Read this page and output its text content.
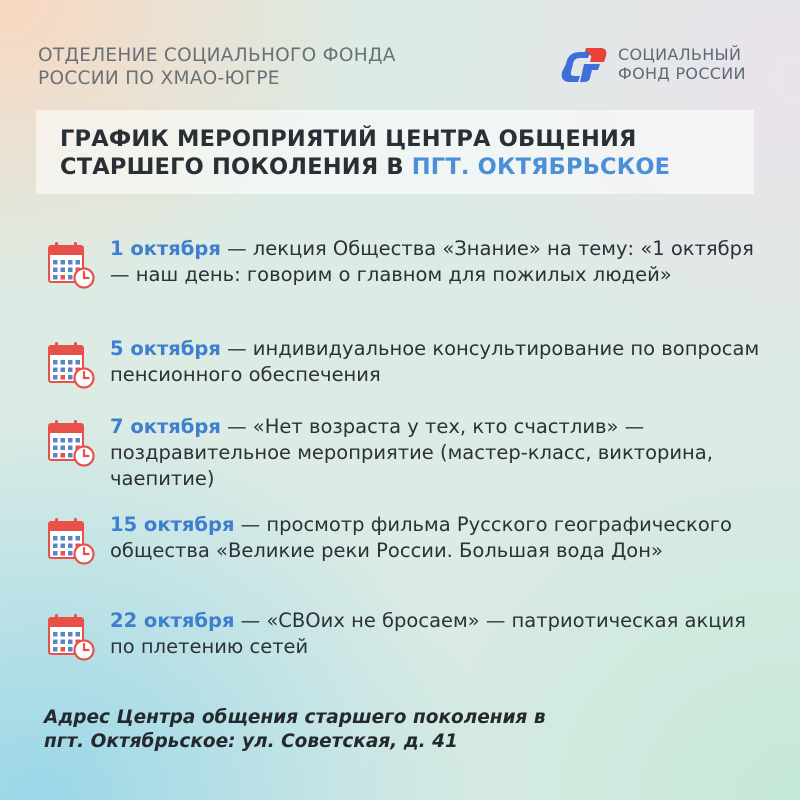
ОТДЕЛЕНИЕ СОЦИАЛЬНОГО ФОНДА
РОССИИ ПО ХМАО-ЮГРЕ
СОЦИАЛЬНЫЙ
ФОНД РОССИИ
ГРАФИК МЕРОПРИЯТИЙ ЦЕНТРА ОБЩЕНИЯ
СТАРШЕГО ПОКОЛЕНИЯ В ПГТ. ОКТЯБРЬСКОЕ
1 октября — лекция Общества «Знание» на тему: «1 октября — наш день: говорим о главном для пожилых людей»
5 октября — индивидуальное консультирование по вопросам пенсионного обеспечения
7 октября — «Нет возраста у тех, кто счастлив» — поздравительное мероприятие (мастер-класс, викторина, чаепитие)
15 октября — просмотр фильма Русского географического общества «Великие реки России. Большая вода Дон»
22 октября — «СВОих не бросаем» — патриотическая акция по плетению сетей
Адрес Центра общения старшего поколения в
пгт. Октябрьское: ул. Советская, д. 41
